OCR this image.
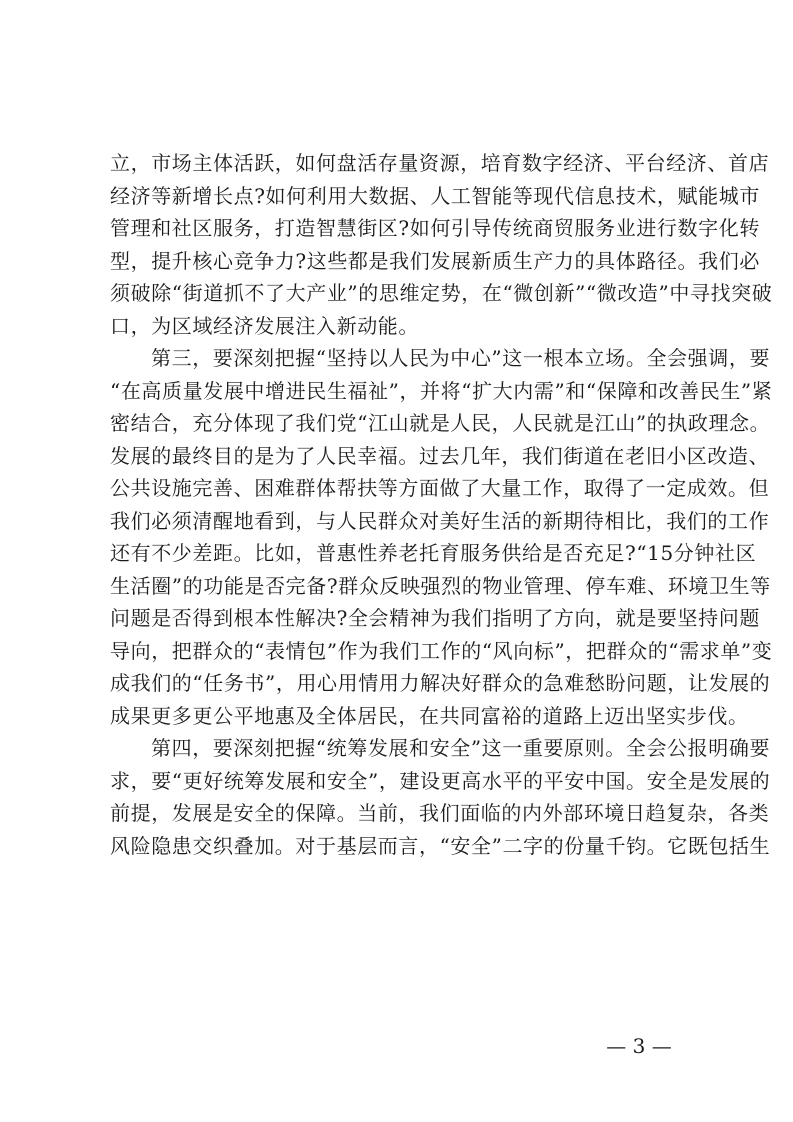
立，市场主体活跃，如何盘活存量资源，培育数字经济、平台经济、首店
经济等新增长点?如何利用大数据、人工智能等现代信息技术，赋能城市
管理和社区服务，打造智慧街区?如何引导传统商贸服务业进行数字化转
型，提升核心竞争力?这些都是我们发展新质生产力的具体路径。我们必
须破除“街道抓不了大产业”的思维定势，在“微创新”“微改造”中寻找突破
口，为区域经济发展注入新动能。
第三，要深刻把握“坚持以人民为中心”这一根本立场。全会强调，要
“在高质量发展中增进民生福祉”，并将“扩大内需”和“保障和改善民生”紧
密结合，充分体现了我们党“江山就是人民，人民就是江山”的执政理念。
发展的最终目的是为了人民幸福。过去几年，我们街道在老旧小区改造、
公共设施完善、困难群体帮扶等方面做了大量工作，取得了一定成效。但
我们必须清醒地看到，与人民群众对美好生活的新期待相比，我们的工作
还有不少差距。比如，普惠性养老托育服务供给是否充足?“15分钟社区
生活圈”的功能是否完备?群众反映强烈的物业管理、停车难、环境卫生等
问题是否得到根本性解决?全会精神为我们指明了方向，就是要坚持问题
导向，把群众的“表情包”作为我们工作的“风向标”，把群众的“需求单”变
成我们的“任务书”，用心用情用力解决好群众的急难愁盼问题，让发展的
成果更多更公平地惠及全体居民，在共同富裕的道路上迈出坚实步伐。
第四，要深刻把握“统筹发展和安全”这一重要原则。全会公报明确要
求，要“更好统筹发展和安全”，建设更高水平的平安中国。安全是发展的
前提，发展是安全的保障。当前，我们面临的内外部环境日趋复杂，各类
风险隐患交织叠加。对于基层而言，“安全”二字的份量千钧。它既包括生
— 3 —
